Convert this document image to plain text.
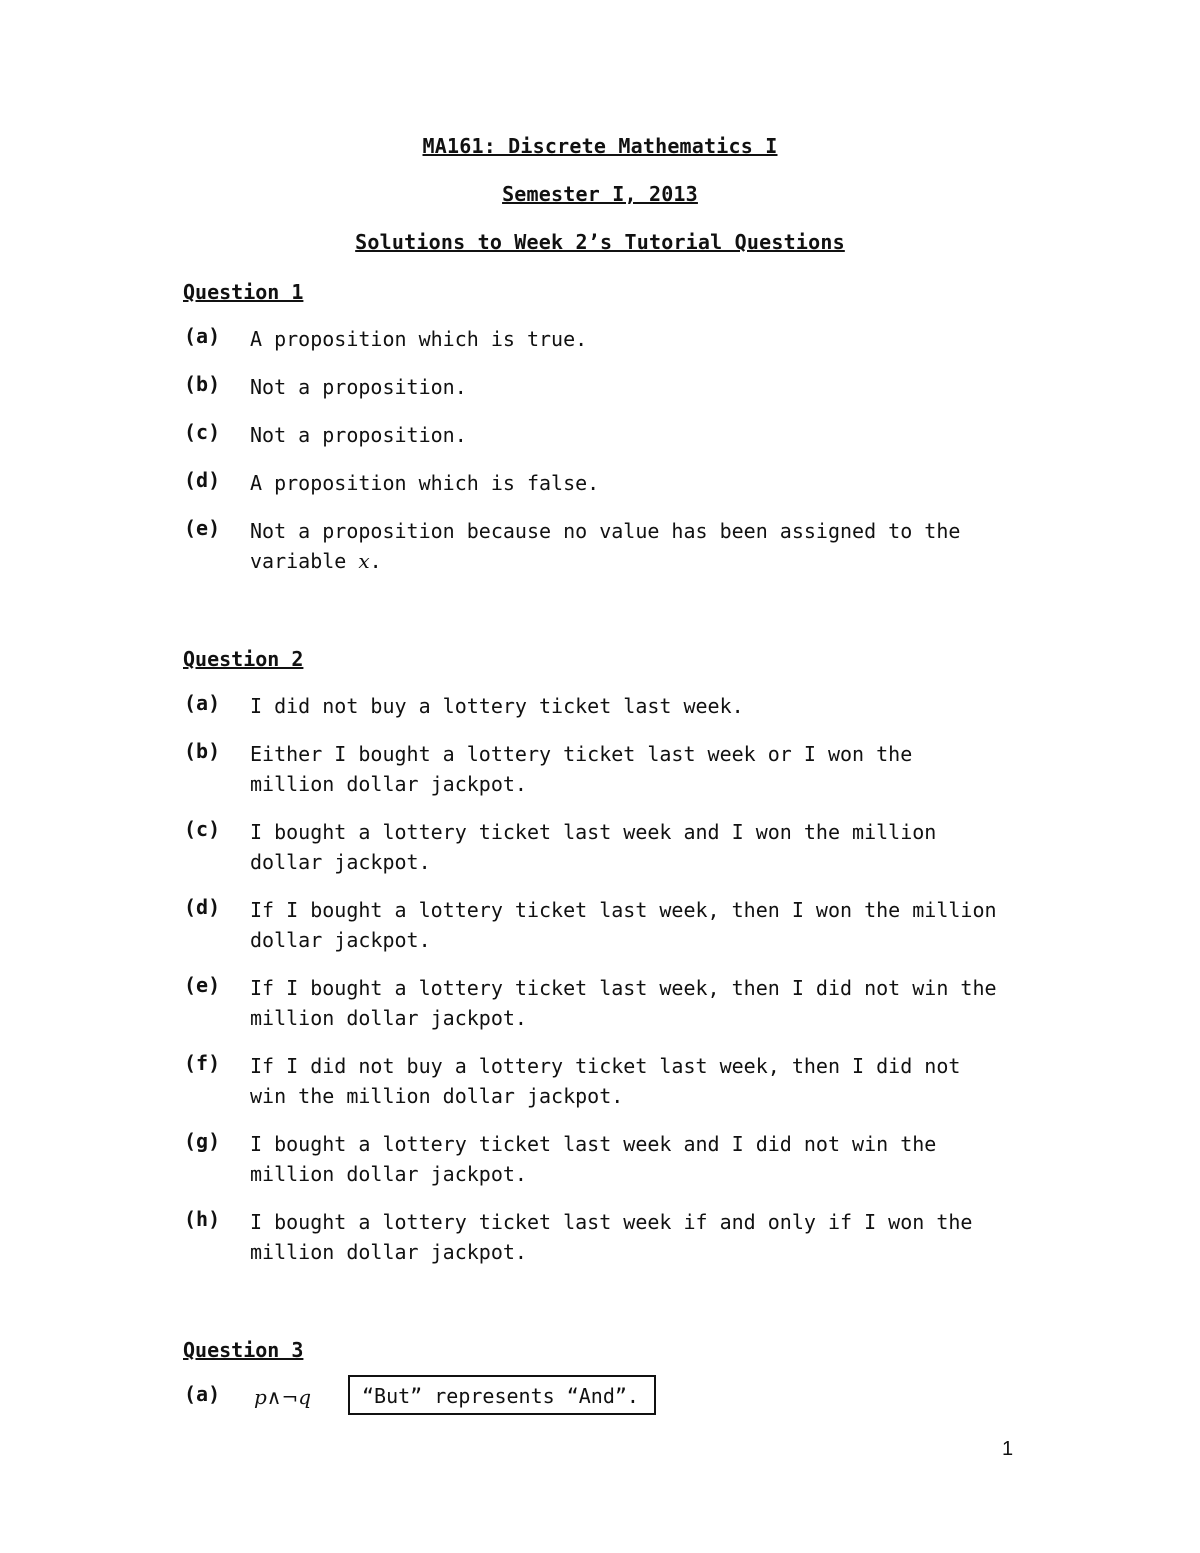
MA161: Discrete Mathematics I
Semester I, 2013
Solutions to Week 2’s Tutorial Questions
Question 1
(a)	A proposition which is true.
(b)	Not a proposition.
(c)	Not a proposition.
(d)	A proposition which is false.
(e)	Not a proposition because no value has been assigned to the
variable x.
Question 2
(a)	I did not buy a lottery ticket last week.
(b)	Either I bought a lottery ticket last week or I won the
million dollar jackpot.
(c)	I bought a lottery ticket last week and I won the million
dollar jackpot.
(d)	If I bought a lottery ticket last week, then I won the million
dollar jackpot.
(e)	If I bought a lottery ticket last week, then I did not win the
million dollar jackpot.
(f)	If I did not buy a lottery ticket last week, then I did not
win the million dollar jackpot.
(g)	I bought a lottery ticket last week and I did not win the
million dollar jackpot.
(h)	I bought a lottery ticket last week if and only if I won the
million dollar jackpot.
Question 3
(a)	p∧¬q	“But” represents “And”.
1
